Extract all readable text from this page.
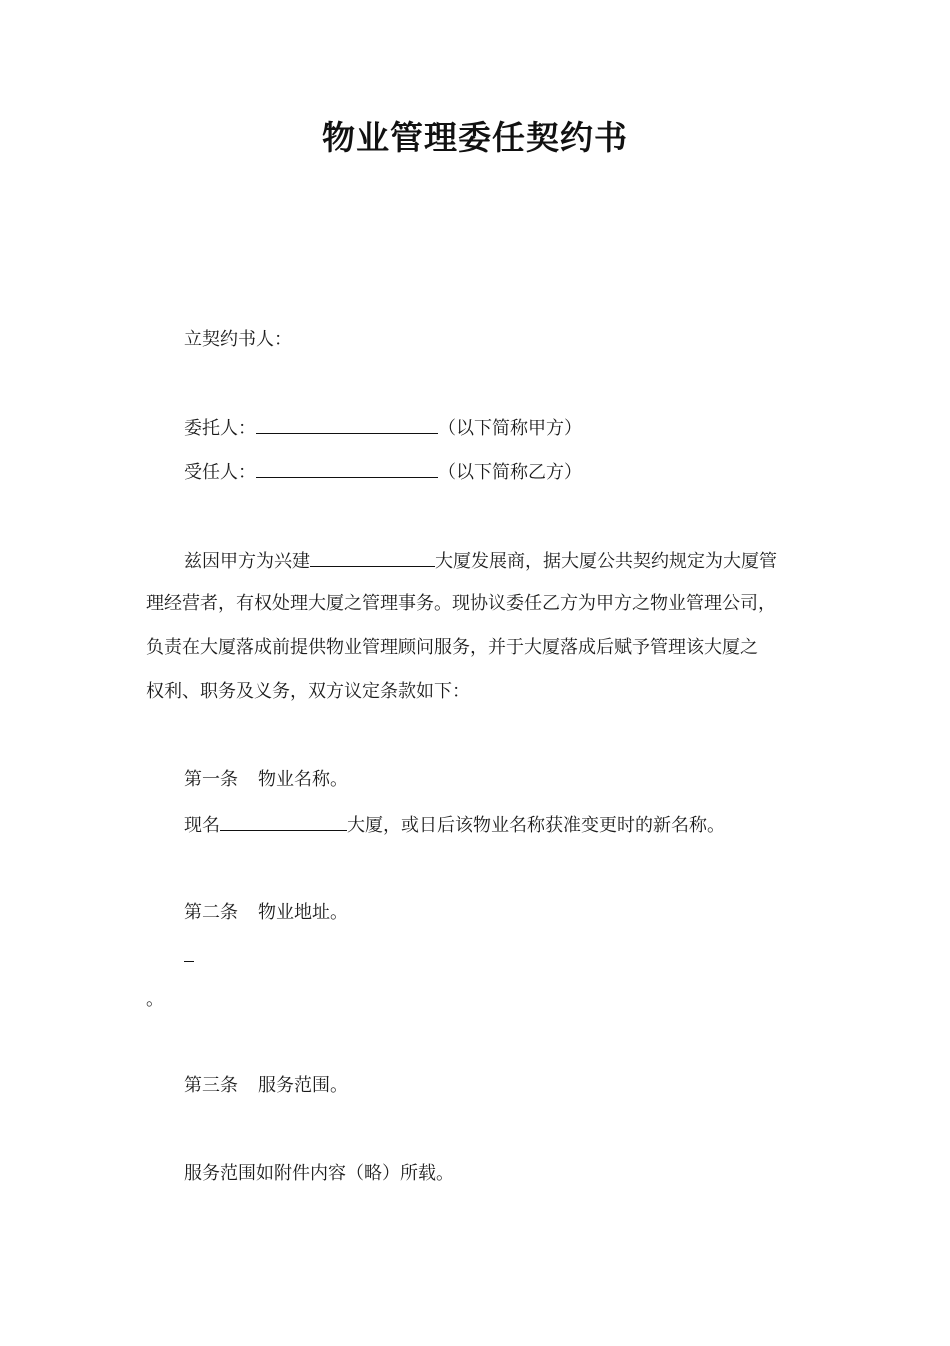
物业管理委任契约书
立契约书人：
委托人：	（以下简称甲方）
受任人：	（以下简称乙方）
兹因甲方为兴建	大厦发展商，据大厦公共契约规定为大厦管
理经营者，有权处理大厦之管理事务。现协议委任乙方为甲方之物业管理公司，
负责在大厦落成前提供物业管理顾问服务，并于大厦落成后赋予管理该大厦之
权利、职务及义务，双方议定条款如下：
第一条 物业名称。
现名	大厦，或日后该物业名称获准变更时的新名称。
第二条 物业地址。
。
第三条 服务范围。
服务范围如附件内容（略）所载。
